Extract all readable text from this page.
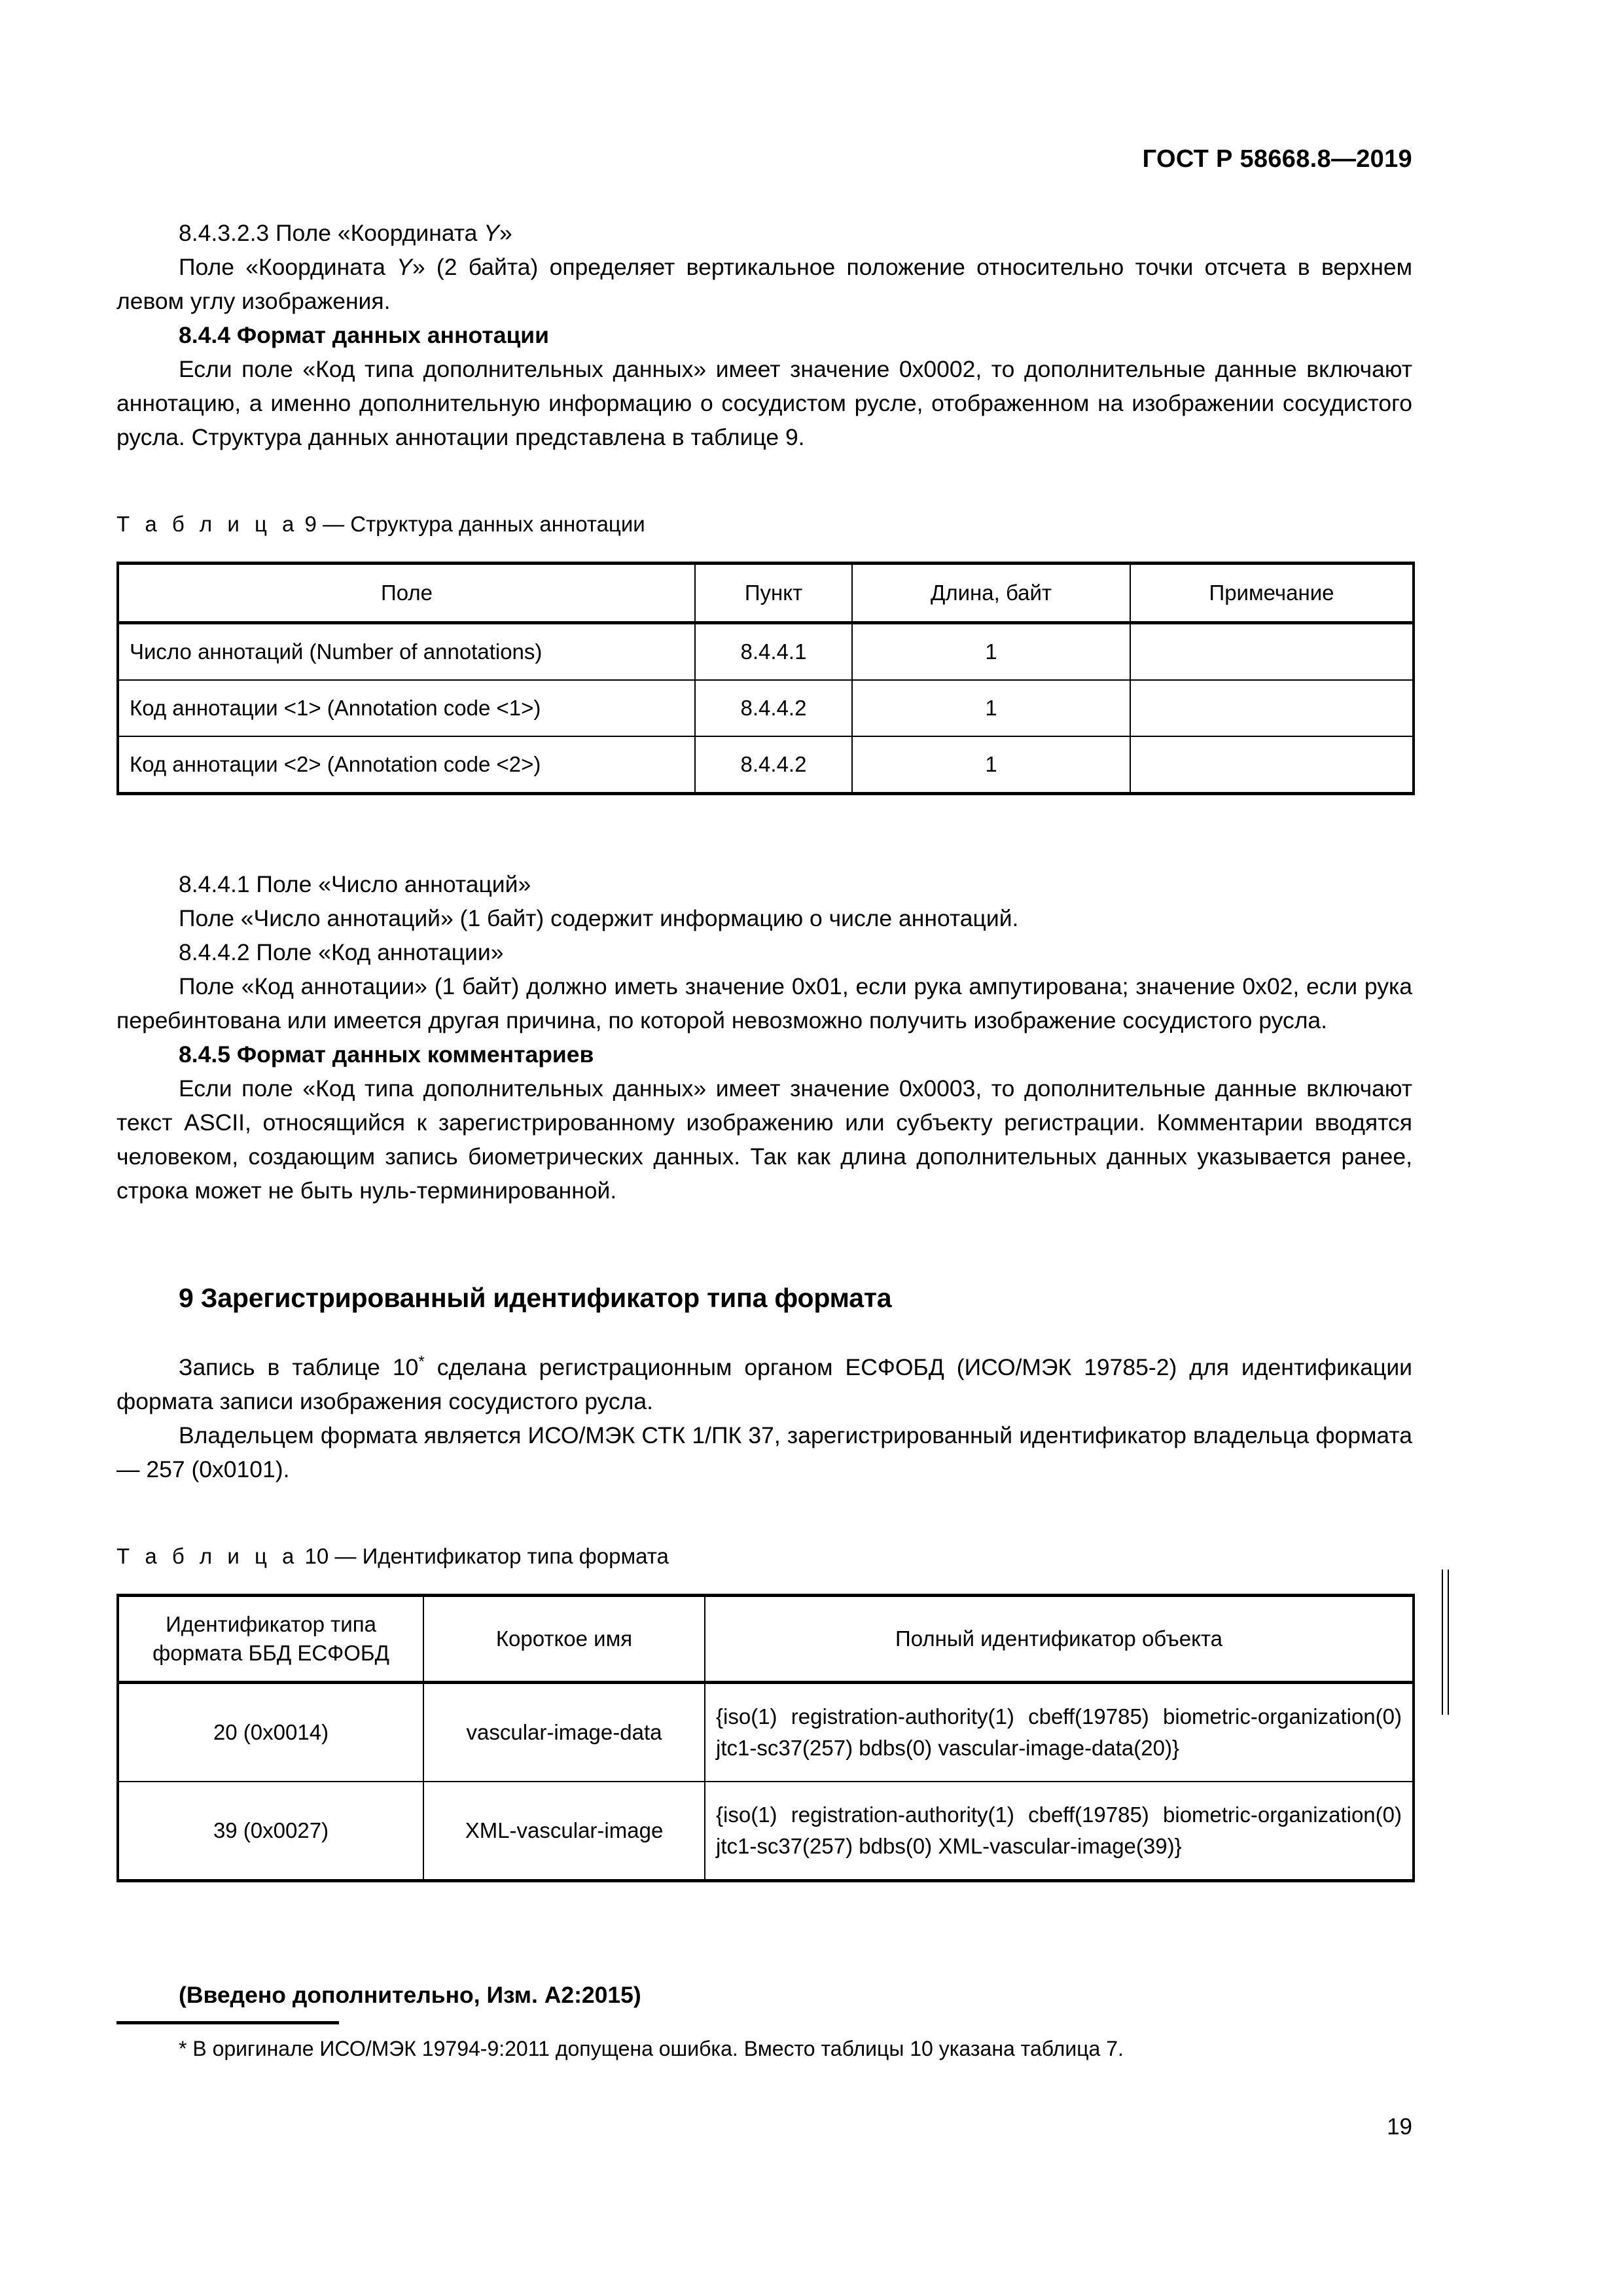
ГОСТ Р 58668.8—2019

8.4.3.2.3 Поле «Координата Y»

Поле «Координата Y» (2 байта) определяет вертикальное положение относительно точки отсчета в верхнем левом углу изображения.

8.4.4 Формат данных аннотации

Если поле «Код типа дополнительных данных» имеет значение 0x0002, то дополнительные данные включают аннотацию, а именно дополнительную информацию о сосудистом русле, отображенном на изображении сосудистого русла. Структура данных аннотации представлена в таблице 9.

Т а б л и ц а 9 — Структура данных аннотации
Поле	Пункт	Длина, байт	Примечание
Число аннотаций (Number of annotations)	8.4.4.1	1	
Код аннотации <1> (Annotation code <1>)	8.4.4.2	1	
Код аннотации <2> (Annotation code <2>)	8.4.4.2	1	

8.4.4.1 Поле «Число аннотаций»

Поле «Число аннотаций» (1 байт) содержит информацию о числе аннотаций.

8.4.4.2 Поле «Код аннотации»

Поле «Код аннотации» (1 байт) должно иметь значение 0x01, если рука ампутирована; значение 0x02, если рука перебинтована или имеется другая причина, по которой невозможно получить изображение сосудистого русла.

8.4.5 Формат данных комментариев

Если поле «Код типа дополнительных данных» имеет значение 0x0003, то дополнительные данные включают текст ASCII, относящийся к зарегистрированному изображению или субъекту регистрации. Комментарии вводятся человеком, создающим запись биометрических данных. Так как длина дополнительных данных указывается ранее, строка может не быть нуль-терминированной.

9 Зарегистрированный идентификатор типа формата

Запись в таблице 10* сделана регистрационным органом ЕСФОБД (ИСО/МЭК 19785-2) для идентификации формата записи изображения сосудистого русла.

Владельцем формата является ИСО/МЭК СТК 1/ПК 37, зарегистрированный идентификатор владельца формата — 257 (0x0101).

Т а б л и ц а 10 — Идентификатор типа формата
Идентификатор типа
формата ББД ЕСФОБД	Короткое имя	Полный идентификатор объекта
20 (0x0014)	vascular-image-data	{iso(1) registration-authority(1) cbeff(19785) biometric-organization(0) jtc1-sc37(257) bdbs(0) vascular-image-data(20)}
39 (0x0027)	XML-vascular-image	{iso(1) registration-authority(1) cbeff(19785) biometric-organization(0) jtc1-sc37(257) bdbs(0) XML-vascular-image(39)}

(Введено дополнительно, Изм. A2:2015)

* В оригинале ИСО/МЭК 19794-9:2011 допущена ошибка. Вместо таблицы 10 указана таблица 7.

19
